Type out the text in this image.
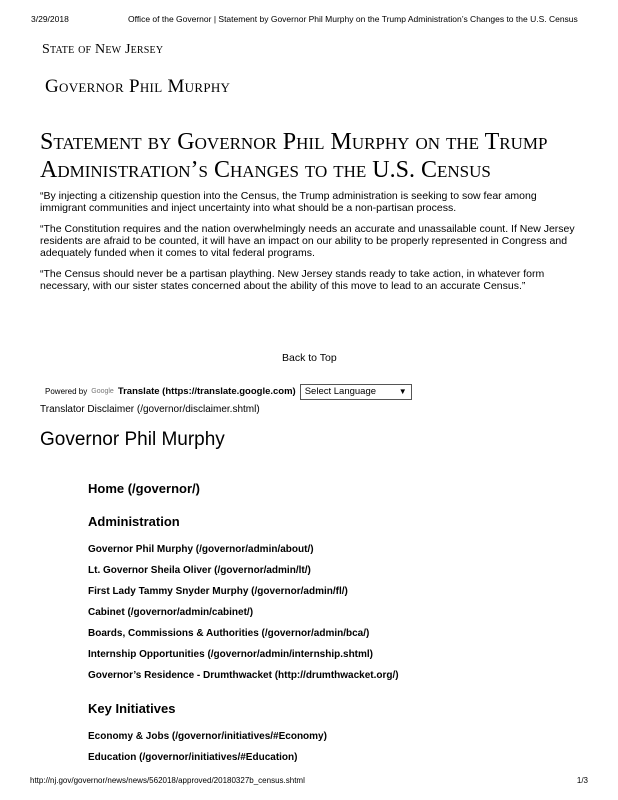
3/29/2018	Office of the Governor | Statement by Governor Phil Murphy on the Trump Administration’s Changes to the U.S. Census
State of New Jersey
Governor Phil Murphy
Statement by Governor Phil Murphy on the Trump Administration’s Changes to the U.S. Census

“By injecting a citizenship question into the Census, the Trump administration is seeking to sow fear among immigrant communities and inject uncertainty into what should be a non-partisan process.

“The Constitution requires and the nation overwhelmingly needs an accurate and unassailable count. If New Jersey residents are afraid to be counted, it will have an impact on our ability to be properly represented in Congress and adequately funded when it comes to vital federal programs.

“The Census should never be a partisan plaything. New Jersey stands ready to take action, in whatever form necessary, with our sister states concerned about the ability of this move to lead to an accurate Census.”

Back to Top
Powered by Google Translate (https://translate.google.com) Select Language	▼
Translator Disclaimer (/governor/disclaimer.shtml)
Governor Phil Murphy
Home (/governor/)
Administration
Governor Phil Murphy (/governor/admin/about/)
Lt. Governor Sheila Oliver (/governor/admin/lt/)
First Lady Tammy Snyder Murphy (/governor/admin/fl/)
Cabinet (/governor/admin/cabinet/)
Boards, Commissions & Authorities (/governor/admin/bca/)
Internship Opportunities (/governor/admin/internship.shtml)
Governor’s Residence - Drumthwacket (http://drumthwacket.org/)
Key Initiatives
Economy & Jobs (/governor/initiatives/#Economy)
Education (/governor/initiatives/#Education)
http://nj.gov/governor/news/news/562018/approved/20180327b_census.shtml	1/3
